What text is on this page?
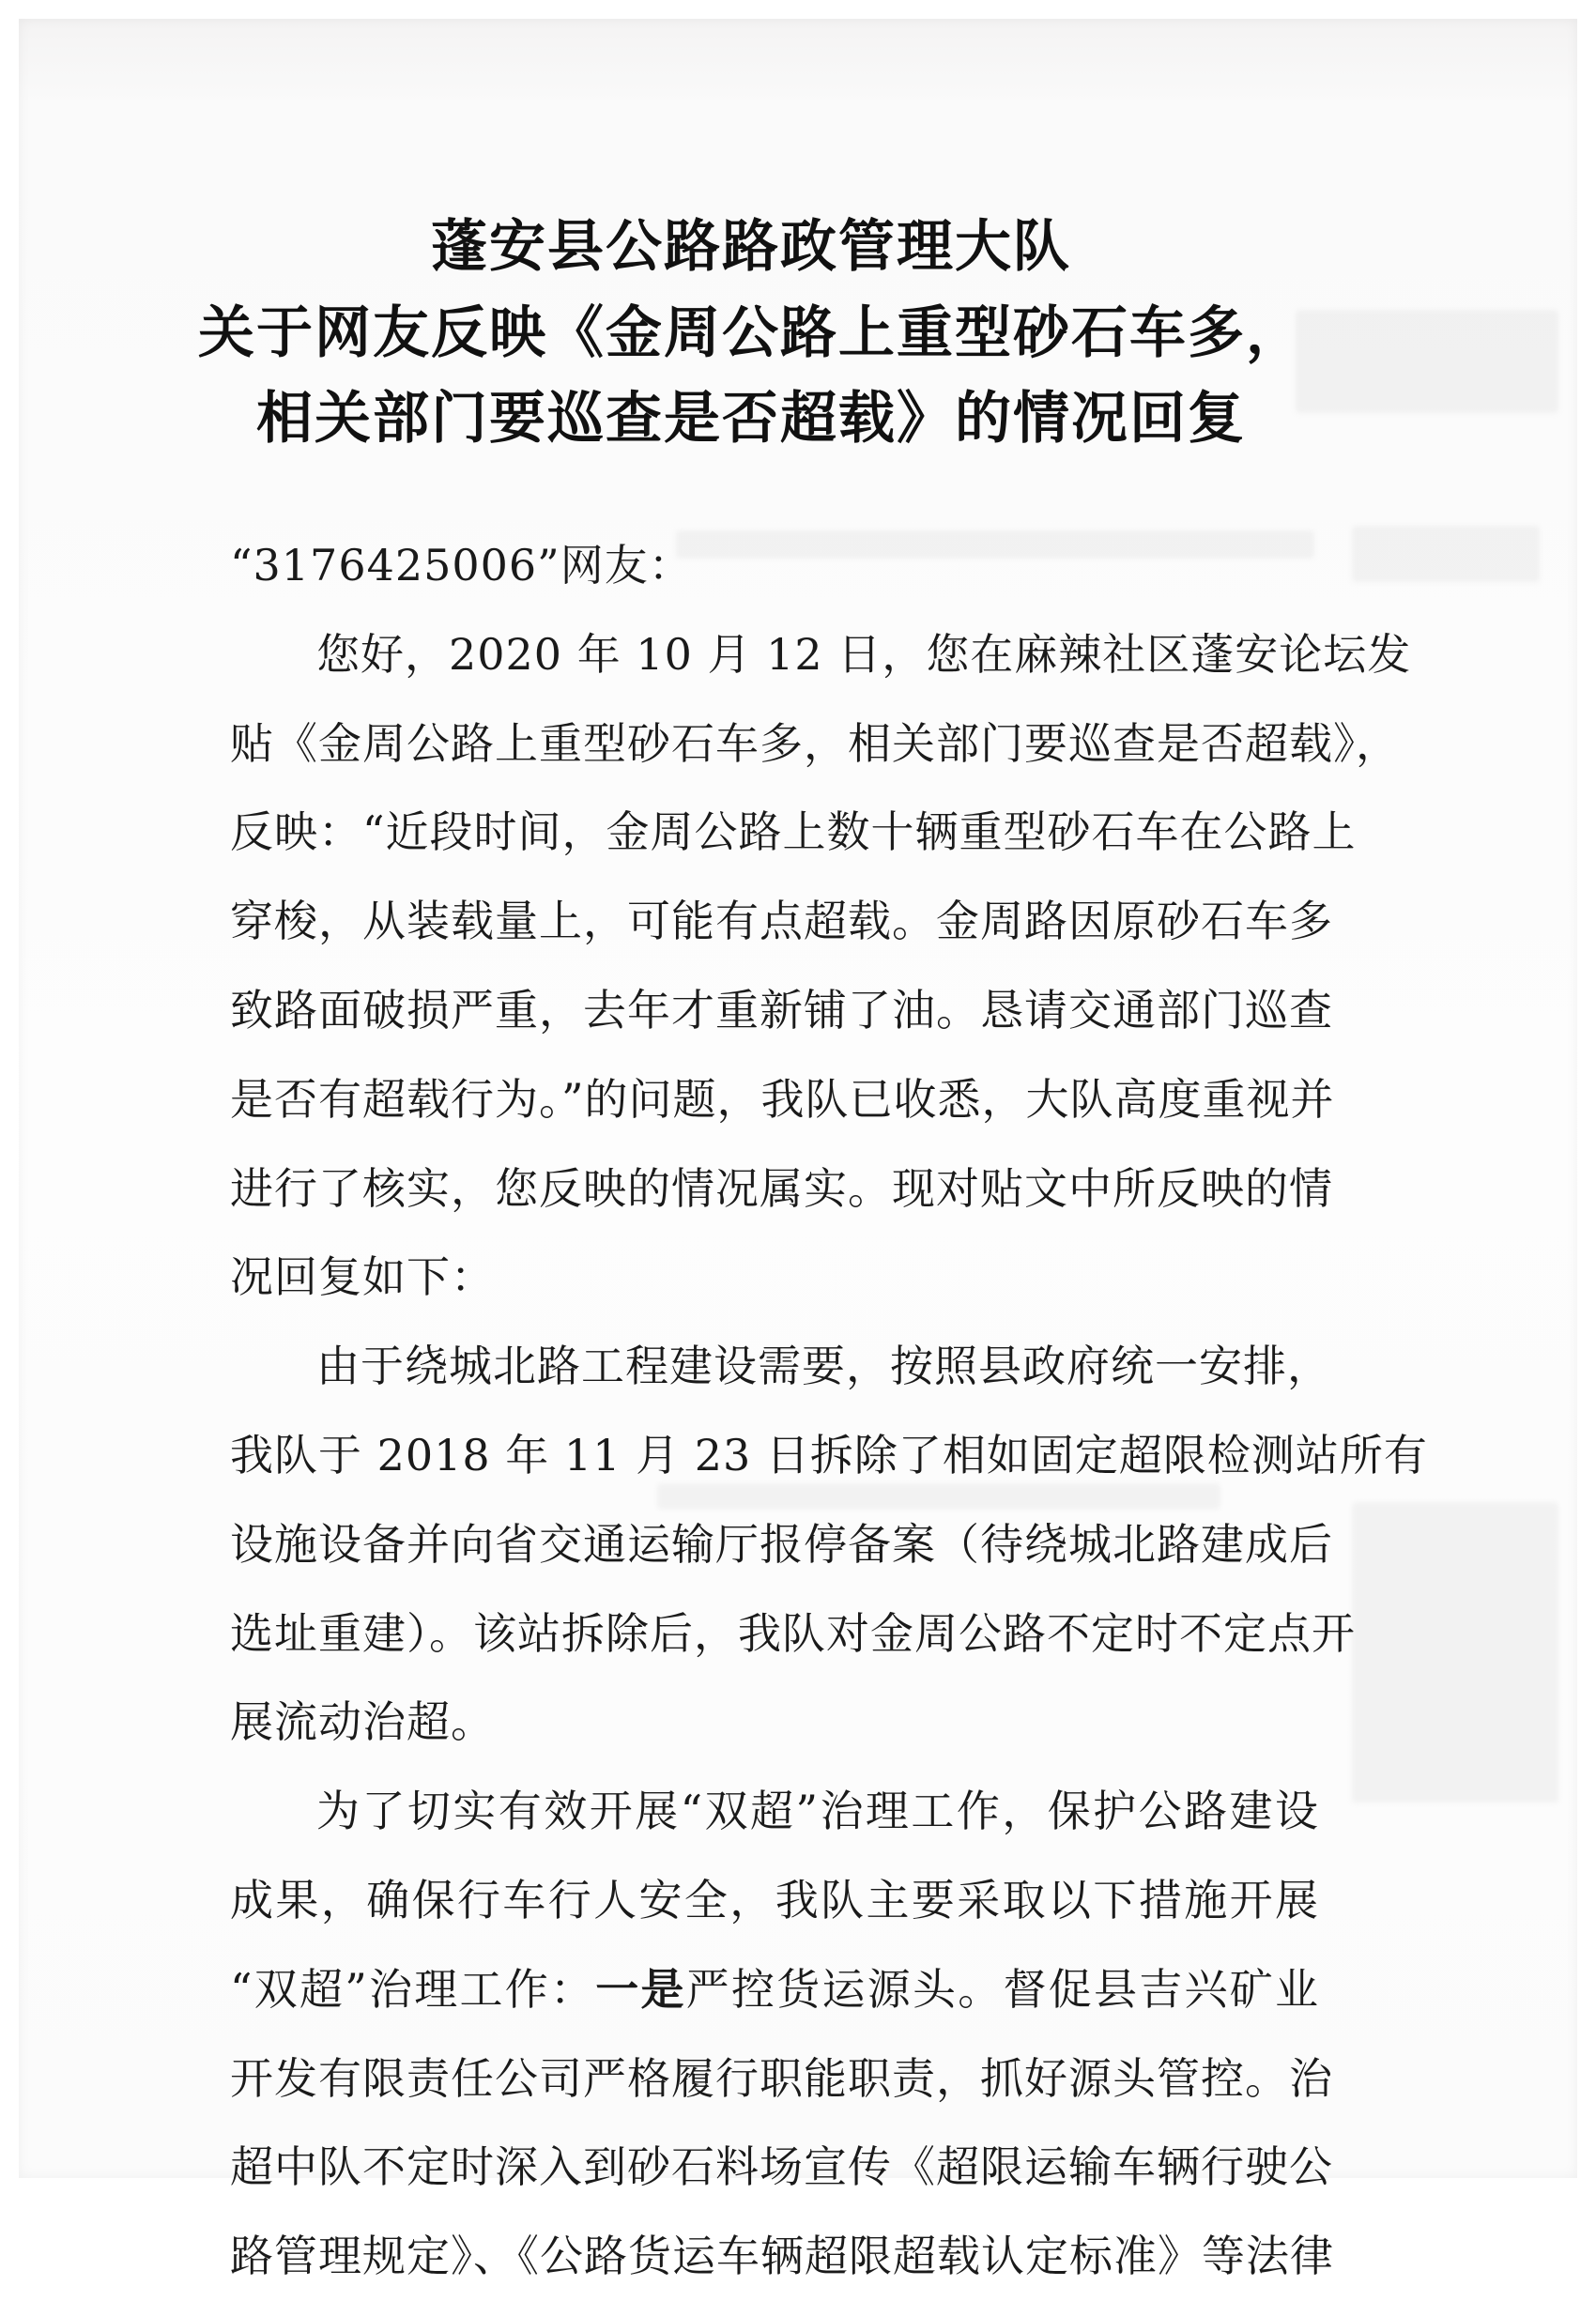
蓬安县公路路政管理大队
关于网友反映《金周公路上重型砂石车多，
相关部门要巡查是否超载》的情况回复
“3176425006”网友：
您好，2020 年 10 月 12 日，您在麻辣社区蓬安论坛发
贴《金周公路上重型砂石车多，相关部门要巡查是否超载》，
反映：“近段时间，金周公路上数十辆重型砂石车在公路上
穿梭，从装载量上，可能有点超载。金周路因原砂石车多
致路面破损严重，去年才重新铺了油。恳请交通部门巡查
是否有超载行为。”的问题，我队已收悉，大队高度重视并
进行了核实，您反映的情况属实。现对贴文中所反映的情
况回复如下：
由于绕城北路工程建设需要，按照县政府统一安排，
我队于 2018 年 11 月 23 日拆除了相如固定超限检测站所有
设施设备并向省交通运输厅报停备案（待绕城北路建成后
选址重建）。该站拆除后，我队对金周公路不定时不定点开
展流动治超。
为了切实有效开展“双超”治理工作，保护公路建设
成果，确保行车行人安全，我队主要采取以下措施开展
“双超”治理工作：一是严控货运源头。督促县吉兴矿业
开发有限责任公司严格履行职能职责，抓好源头管控。治
超中队不定时深入到砂石料场宣传《超限运输车辆行驶公
路管理规定》、《公路货运车辆超限超载认定标准》等法律
